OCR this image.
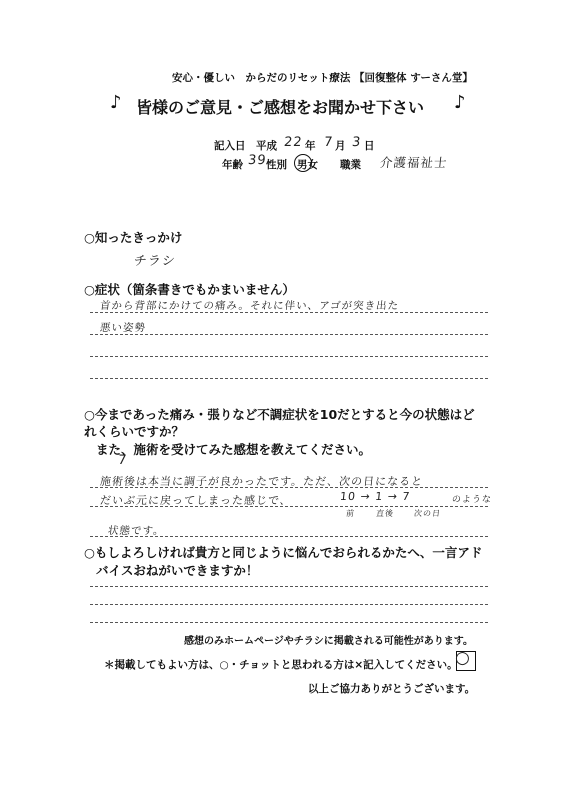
安心・優しい　からだのリセット療法 【回復整体 すーさん堂】
♪ 皆様のご意見・ご感想をお聞かせ下さい ♪
記入日 平成 22 年 7 月 3 日
年齢 39
性別 男女 職業 介護福祉士
○知ったきっかけ
チラシ
○症状（箇条書きでもかまいません）
首から背部にかけての痛み。それに伴い、アゴが突き出た
悪い姿勢
○今まであった痛み・張りなど不調症状を10だとすると今の状態はど
れくらいですか？
また、施術を受けてみた感想を教えてください。
7
施術後は本当に調子が良かったです。ただ、次の日になると
だいぶ元に戻ってしまった感じで、	10 → 1 → 7	のような
前	直後 次の日
状態です。
○もしよろしければ貴方と同じように悩んでおられるかたへ、一言アド
バイスおねがいできますか！
感想のみホームページやチラシに掲載される可能性があります。
＊掲載してもよい方は、○・チョットと思われる方は×記入してください。
○
以上ご協力ありがとうございます。
